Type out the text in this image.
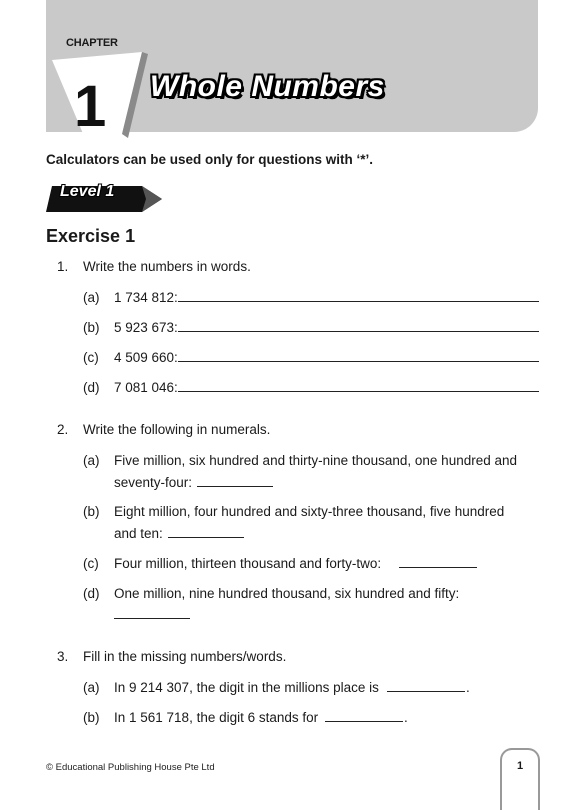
CHAPTER
1 Whole Numbers
Calculators can be used only for questions with ‘*’.
Level 1
Exercise 1
1. Write the numbers in words.
(a) 1 734 812:
(b) 5 923 673:
(c) 4 509 660:
(d) 7 081 046:
2. Write the following in numerals.
(a) Five million, six hundred and thirty-nine thousand, one hundred and
seventy-four:
(b) Eight million, four hundred and sixty-three thousand, five hundred
and ten:
(c) Four million, thirteen thousand and forty-two:
(d) One million, nine hundred thousand, six hundred and fifty:
3. Fill in the missing numbers/words.
(a) In 9 214 307, the digit in the millions place is	.
(b) In 1 561 718, the digit 6 stands for	.
© Educational Publishing House Pte Ltd	1
